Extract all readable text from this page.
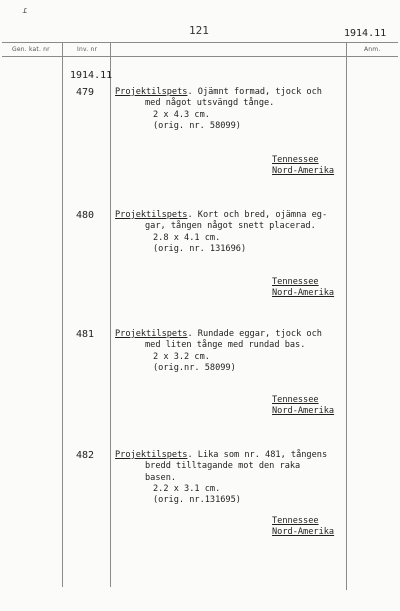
121	1914.11
Gen. kat. nr	Inv. nr	Anm.
ɾ
1914.11
479 Projektilspets. Ojämnt formad, tjock och
med något utsvängd tånge.
2 x 4.3 cm.
(orig. nr. 58099)
Tennessee
Nord-Amerika
480 Projektilspets. Kort och bred, ojämna eg-
gar, tången något snett placerad.
2.8 x 4.1 cm.
(orig. nr. 131696)
Tennessee
Nord-Amerika
481 Projektilspets. Rundade eggar, tjock och
med liten tånge med rundad bas.
2 x 3.2 cm.
(orig.nr. 58099)
Tennessee
Nord-Amerika
482 Projektilspets. Lika som nr. 481, tångens
bredd tilltagande mot den raka
basen.
2.2 x 3.1 cm.
(orig. nr.131695)
Tennessee
Nord-Amerika
